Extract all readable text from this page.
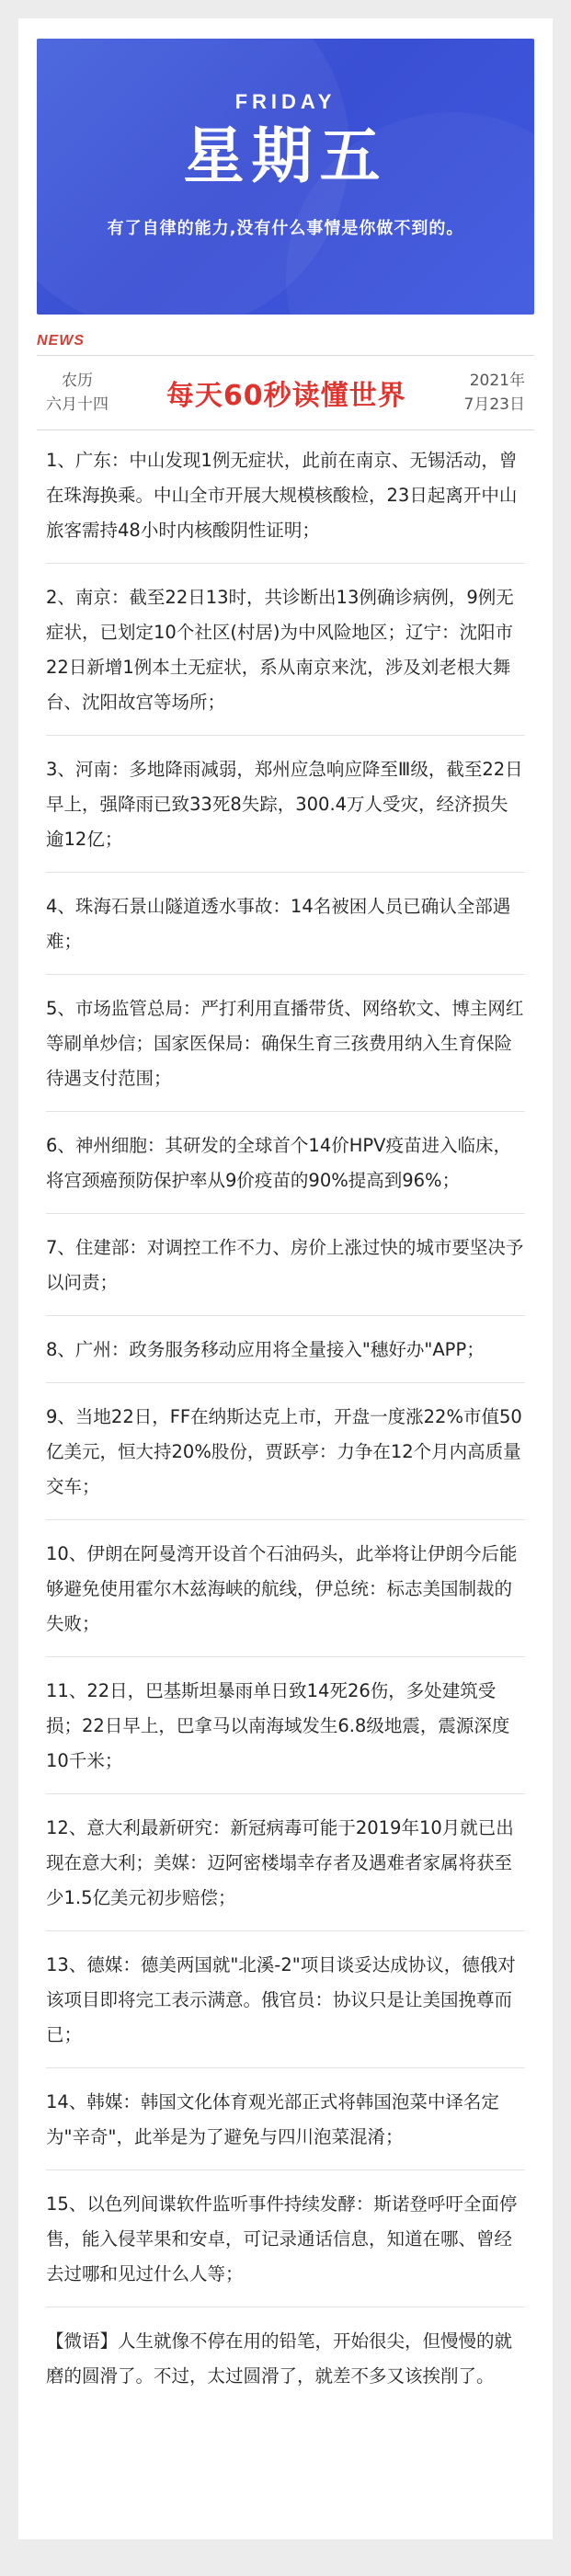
FRIDAY
星期五
有了自律的能力,没有什么事情是你做不到的。
NEWS
农历
六月十四 每天60秒读懂世界	2021年
7月23日
1、广东：中山发现1例无症状，此前在南京、无锡活动，曾在珠海换乘。中山全市开展大规模核酸检，23日起离开中山旅客需持48小时内核酸阴性证明；
2、南京：截至22日13时，共诊断出13例确诊病例，9例无症状，已划定10个社区(村居)为中风险地区；辽宁：沈阳市22日新增1例本土无症状，系从南京来沈，涉及刘老根大舞台、沈阳故宫等场所；
3、河南：多地降雨减弱，郑州应急响应降至Ⅲ级，截至22日早上，强降雨已致33死8失踪，300.4万人受灾，经济损失逾12亿；
4、珠海石景山隧道透水事故：14名被困人员已确认全部遇难；
5、市场监管总局：严打利用直播带货、网络软文、博主网红等刷单炒信；国家医保局：确保生育三孩费用纳入生育保险待遇支付范围；
6、神州细胞：其研发的全球首个14价HPV疫苗进入临床，将宫颈癌预防保护率从9价疫苗的90%提高到96%；
7、住建部：对调控工作不力、房价上涨过快的城市要坚决予以问责；
8、广州：政务服务移动应用将全量接入"穗好办"APP；
9、当地22日，FF在纳斯达克上市，开盘一度涨22%市值50亿美元，恒大持20%股份，贾跃亭：力争在12个月内高质量交车；
10、伊朗在阿曼湾开设首个石油码头，此举将让伊朗今后能够避免使用霍尔木兹海峡的航线，伊总统：标志美国制裁的失败；
11、22日，巴基斯坦暴雨单日致14死26伤，多处建筑受损；22日早上，巴拿马以南海域发生6.8级地震，震源深度10千米；
12、意大利最新研究：新冠病毒可能于2019年10月就已出现在意大利；美媒：迈阿密楼塌幸存者及遇难者家属将获至少1.5亿美元初步赔偿；
13、德媒：德美两国就"北溪-2"项目谈妥达成协议，德俄对该项目即将完工表示满意。俄官员：协议只是让美国挽尊而已；
14、韩媒：韩国文化体育观光部正式将韩国泡菜中译名定为"辛奇"，此举是为了避免与四川泡菜混淆；
15、以色列间谍软件监听事件持续发酵：斯诺登呼吁全面停售，能入侵苹果和安卓，可记录通话信息，知道在哪、曾经去过哪和见过什么人等；
【微语】人生就像不停在用的铅笔，开始很尖，但慢慢的就磨的圆滑了。不过，太过圆滑了，就差不多又该挨削了。
